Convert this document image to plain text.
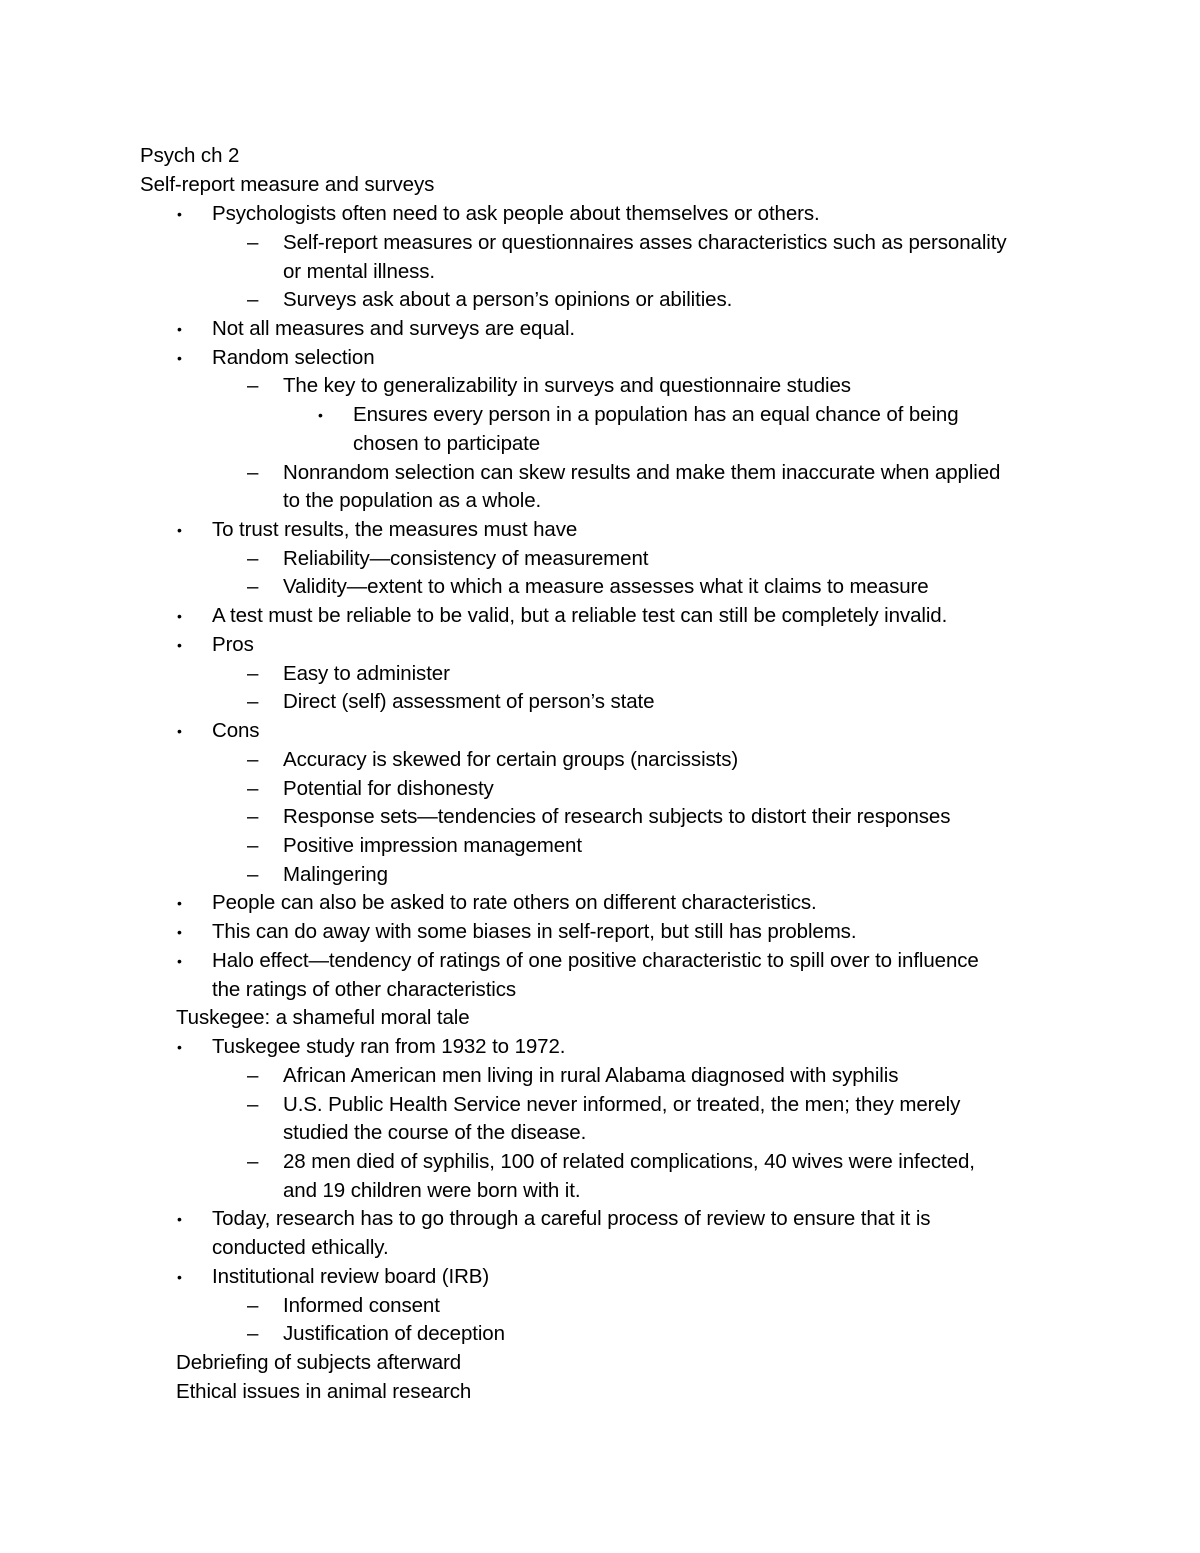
Psych ch 2
Self-report measure and surveys
• Psychologists often need to ask people about themselves or others.
– Self-report measures or questionnaires asses characteristics such as personality
or mental illness.
– Surveys ask about a person’s opinions or abilities.
• Not all measures and surveys are equal.
• Random selection
– The key to generalizability in surveys and questionnaire studies
• Ensures every person in a population has an equal chance of being
chosen to participate
– Nonrandom selection can skew results and make them inaccurate when applied
to the population as a whole.
• To trust results, the measures must have
– Reliability—consistency of measurement
– Validity—extent to which a measure assesses what it claims to measure
• A test must be reliable to be valid, but a reliable test can still be completely invalid.
• Pros
– Easy to administer
– Direct (self) assessment of person’s state
• Cons
– Accuracy is skewed for certain groups (narcissists)
– Potential for dishonesty
– Response sets—tendencies of research subjects to distort their responses
– Positive impression management
– Malingering
• People can also be asked to rate others on different characteristics.
• This can do away with some biases in self-report, but still has problems.
• Halo effect—tendency of ratings of one positive characteristic to spill over to influence
the ratings of other characteristics
Tuskegee: a shameful moral tale
• Tuskegee study ran from 1932 to 1972.
– African American men living in rural Alabama diagnosed with syphilis
– U.S. Public Health Service never informed, or treated, the men; they merely
studied the course of the disease.
– 28 men died of syphilis, 100 of related complications, 40 wives were infected,
and 19 children were born with it.
• Today, research has to go through a careful process of review to ensure that it is
conducted ethically.
• Institutional review board (IRB)
– Informed consent
– Justification of deception
Debriefing of subjects afterward
Ethical issues in animal research
